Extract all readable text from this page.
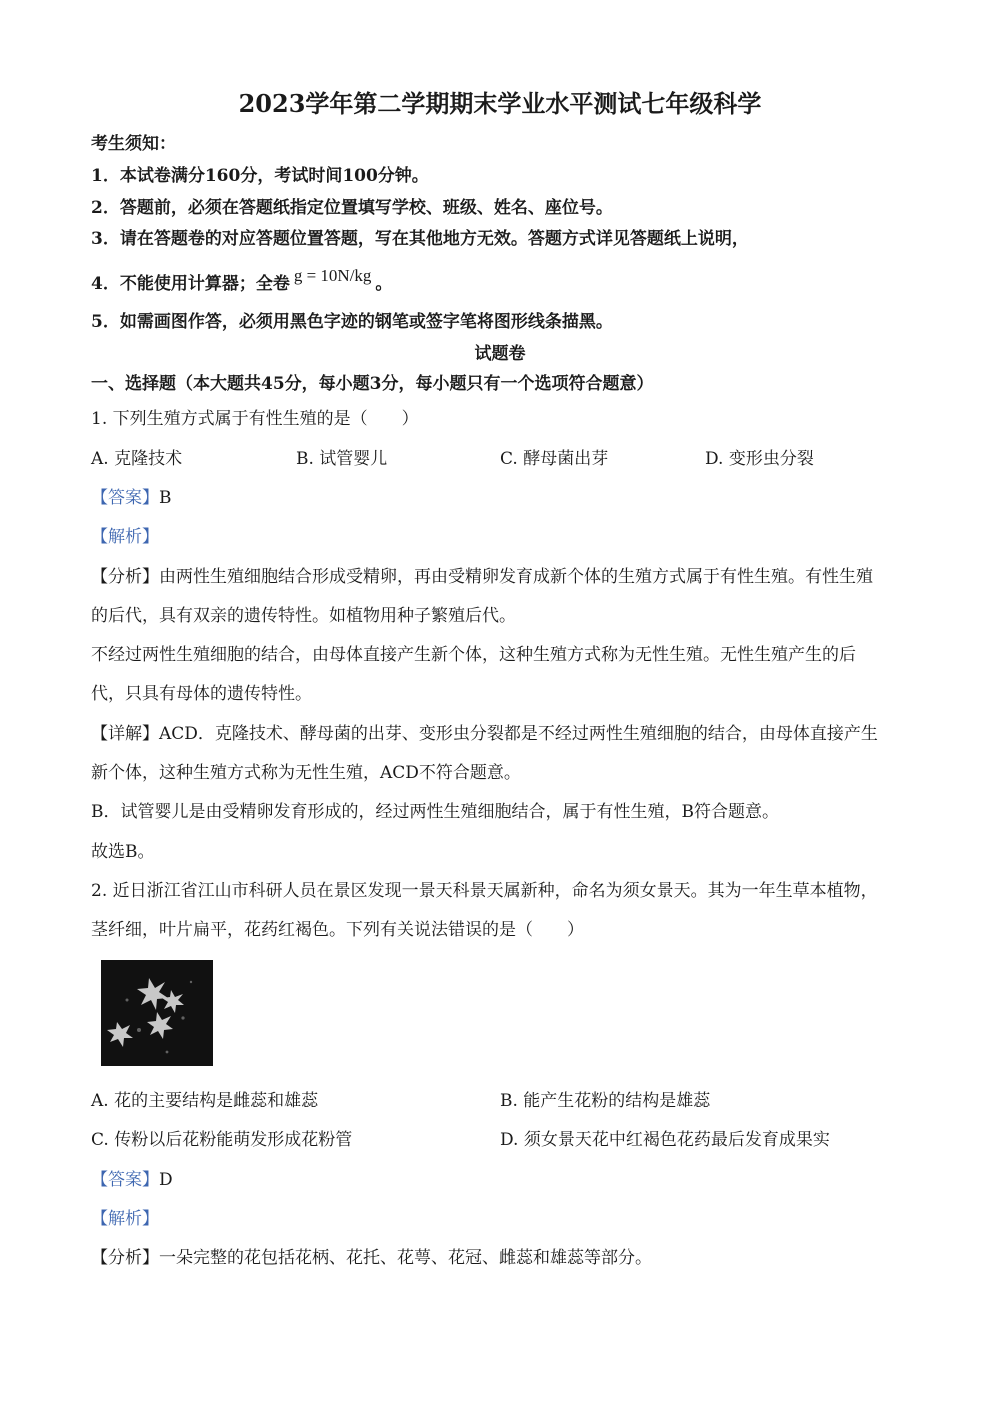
2023学年第二学期期末学业水平测试七年级科学
考生须知：
1．本试卷满分160分，考试时间100分钟。
2．答题前，必须在答题纸指定位置填写学校、班级、姓名、座位号。
3．请在答题卷的对应答题位置答题，写在其他地方无效。答题方式详见答题纸上说明，
4．不能使用计算器；全卷 g = 10N/kg 。
5．如需画图作答，必须用黑色字迹的钢笔或签字笔将图形线条描黑。
试题卷
一、选择题（本大题共45分，每小题3分，每小题只有一个选项符合题意）
1. 下列生殖方式属于有性生殖的是（　　）
A. 克隆技术	B. 试管婴儿	C. 酵母菌出芽	D. 变形虫分裂
【答案】B
【解析】
【分析】由两性生殖细胞结合形成受精卵，再由受精卵发育成新个体的生殖方式属于有性生殖。有性生殖
的后代，具有双亲的遗传特性。如植物用种子繁殖后代。
不经过两性生殖细胞的结合，由母体直接产生新个体，这种生殖方式称为无性生殖。无性生殖产生的后
代，只具有母体的遗传特性。
【详解】ACD．克隆技术、酵母菌的出芽、变形虫分裂都是不经过两性生殖细胞的结合，由母体直接产生
新个体，这种生殖方式称为无性生殖，ACD不符合题意。
B．试管婴儿是由受精卵发育形成的，经过两性生殖细胞结合，属于有性生殖，B符合题意。
故选B。
2. 近日浙江省江山市科研人员在景区发现一景天科景天属新种，命名为须女景天。其为一年生草本植物，
茎纤细，叶片扁平，花药红褐色。下列有关说法错误的是（　　）
A. 花的主要结构是雌蕊和雄蕊	B. 能产生花粉的结构是雄蕊
C. 传粉以后花粉能萌发形成花粉管	D. 须女景天花中红褐色花药最后发育成果实
【答案】D
【解析】
【分析】一朵完整的花包括花柄、花托、花萼、花冠、雌蕊和雄蕊等部分。
